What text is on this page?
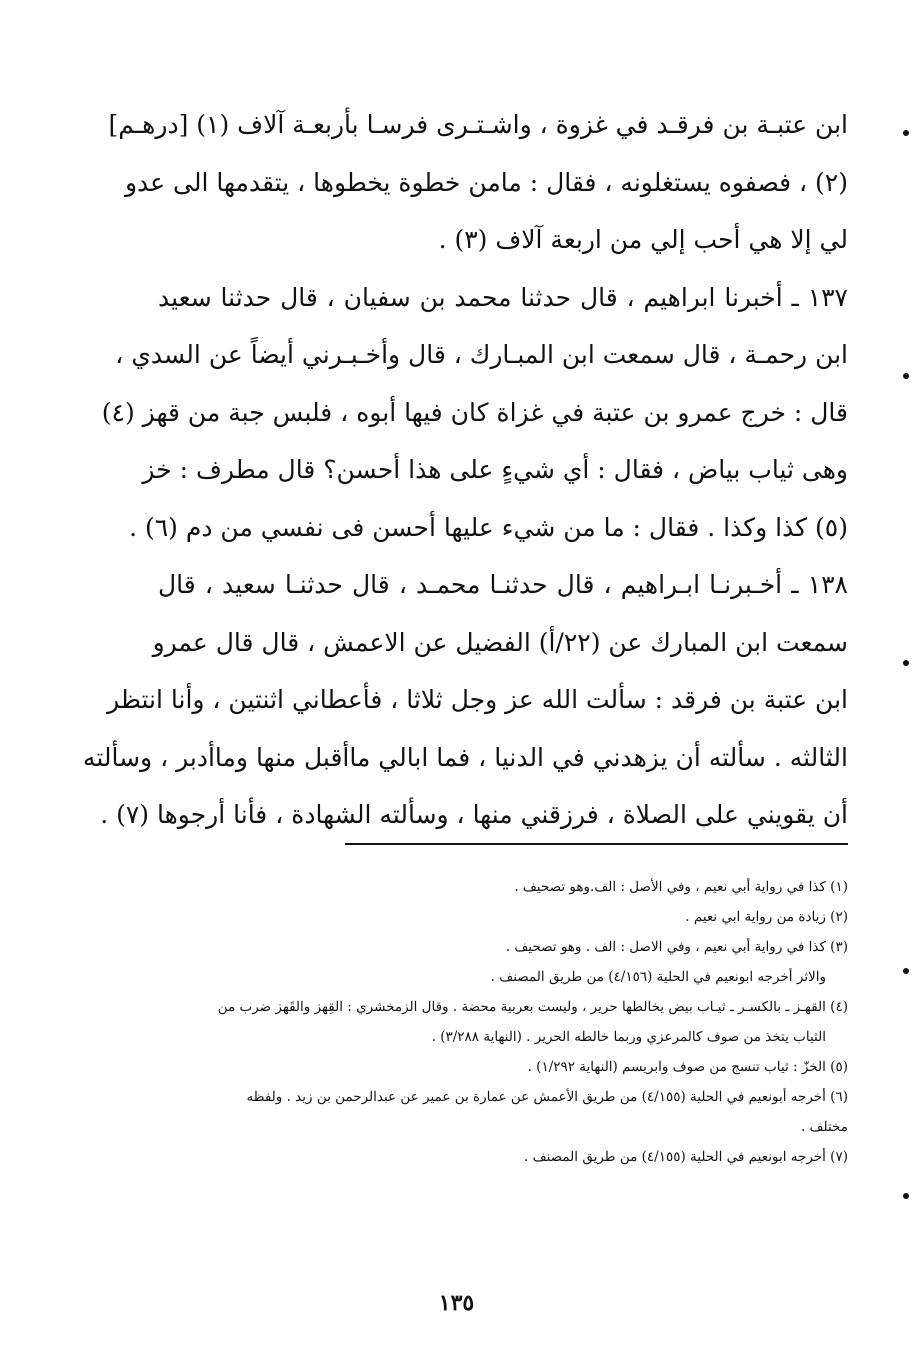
ابن عتبـة بن فرقـد في غزوة ، واشـتـرى فرسـا بأربعـة آلاف (١) [درهـم]
(٢) ، فصفوه يستغلونه ، فقال : مامن خطوة يخطوها ، يتقدمها الى عدو
لي إلا هي أحب إلي من اربعة آلاف (٣) .
١٣٧ ـ أخبرنا ابراهيم ، قال حدثنا محمد بن سفيان ، قال حدثنا سعيد
ابن رحمـة ، قال سمعت ابن المبـارك ، قال وأخـبـرني أيضاً عن السدي ،
قال : خرج عمرو بن عتبة في غزاة كان فيها أبوه ، فلبس جبة من قهز (٤)
وهى ثياب بياض ، فقال : أي شيءٍ على هذا أحسن؟ قال مطرف : خز
(٥) كذا وكذا . فقال : ما من شيء عليها أحسن فى نفسي من دم (٦) .
١٣٨ ـ أخـبرنـا ابـراهيم ، قال حدثنـا محمـد ، قال حدثنـا سعيد ، قال
سمعت ابن المبارك عن (٢٢/أ) الفضيل عن الاعمش ، قال قال عمرو
ابن عتبة بن فرقد : سألت الله عز وجل ثلاثا ، فأعطاني اثنتين ، وأنا انتظر
الثالثه . سألته أن يزهدني في الدنيا ، فما ابالي ماأقبل منها وماأدبر ، وسألته
أن يقويني على الصلاة ، فرزقني منها ، وسألته الشهادة ، فأنا أرجوها (٧) .
(١) كذا في رواية أبي نعيم ، وفي الأصل : الف.وهو تصحيف .
(٢) زيادة من رواية ابي نعيم .
(٣) كذا في رواية أبي نعيم ، وفي الاصل : الف . وهو تصحيف .
والاثر أخرجه ابونعيم في الحلية (٤/١٥٦) من طريق المصنف .
(٤) القهـز ـ بالكسـر ـ ثيـاب بيض يخالطها حرير ، وليست بعربية محضة . وقال الزمخشري : القِهز والقَهز ضرب من
الثياب يتخذ من صوف كالمرعزي وربما خالطه الحرير . (النهاية ٣/٢٨٨) .
(٥) الخزّ : ثياب تنسج من صوف وابريسم (النهاية ١/٢٩٢) .
(٦) أخرجه أبونعيم في الحلية (٤/١٥٥) من طريق الأعمش عن عمارة بن عمير عن عبدالرحمن بن زيد . ولفظه
مختلف .
(٧) أخرجه ابونعيم في الحلية (٤/١٥٥) من طريق المصنف .
١٣٥
